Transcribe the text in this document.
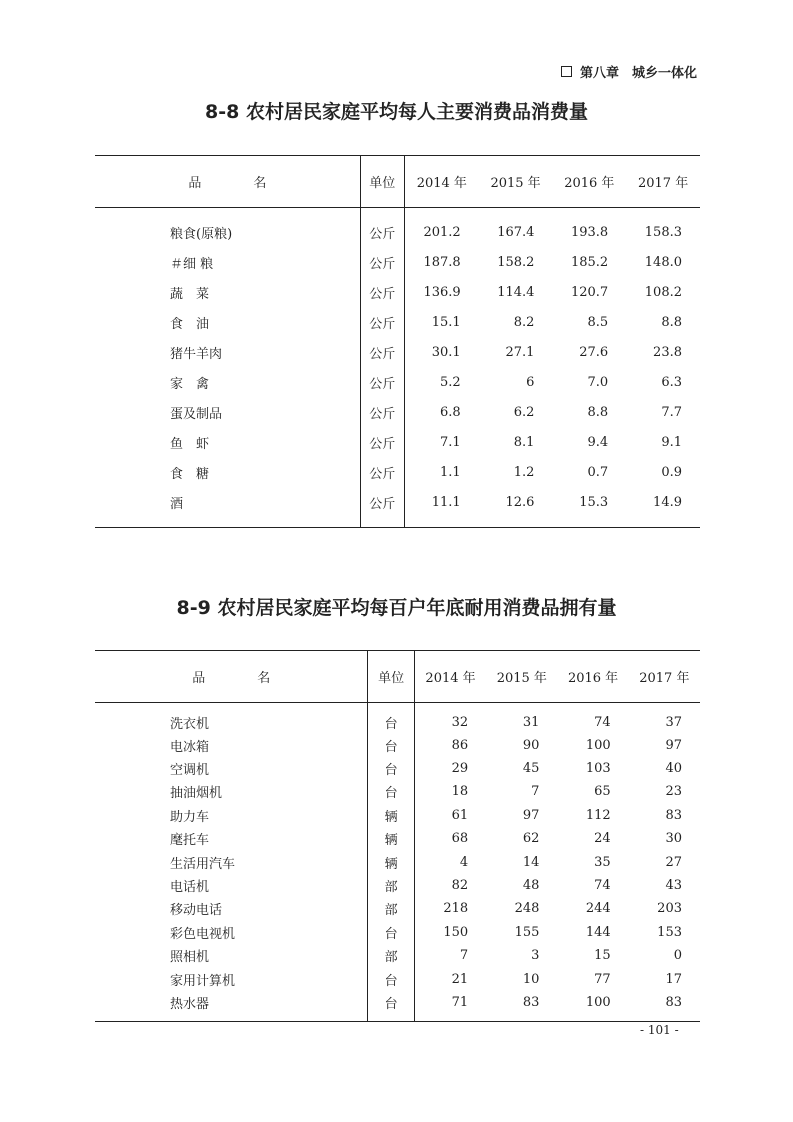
第八章　城乡一体化
8-8 农村居民家庭平均每人主要消费品消费量
品　　　　名	单位	2014 年	2015 年	2016 年	2017 年
粮食(原粮)	公斤	201.2	167.4	193.8	158.3
＃细 粮	公斤	187.8	158.2	185.2	148.0
蔬　菜	公斤	136.9	114.4	120.7	108.2
食　油	公斤	15.1	8.2	8.5	8.8
猪牛羊肉	公斤	30.1	27.1	27.6	23.8
家　禽	公斤	5.2	6	7.0	6.3
蛋及制品	公斤	6.8	6.2	8.8	7.7
鱼　虾	公斤	7.1	8.1	9.4	9.1
食　糖	公斤	1.1	1.2	0.7	0.9
酒	公斤	11.1	12.6	15.3	14.9
8-9 农村居民家庭平均每百户年底耐用消费品拥有量
品　　　　名	单位	2014 年	2015 年	2016 年	2017 年
洗衣机	台	32	31	74	37
电冰箱	台	86	90	100	97
空调机	台	29	45	103	40
抽油烟机	台	18	7	65	23
助力车	辆	61	97	112	83
麾托车	辆	68	62	24	30
生活用汽车	辆	4	14	35	27
电话机	部	82	48	74	43
移动电话	部	218	248	244	203
彩色电视机	台	150	155	144	153
照相机	部	7	3	15	0
家用计算机	台	21	10	77	17
热水器	台	71	83	100	83
- 101 -
